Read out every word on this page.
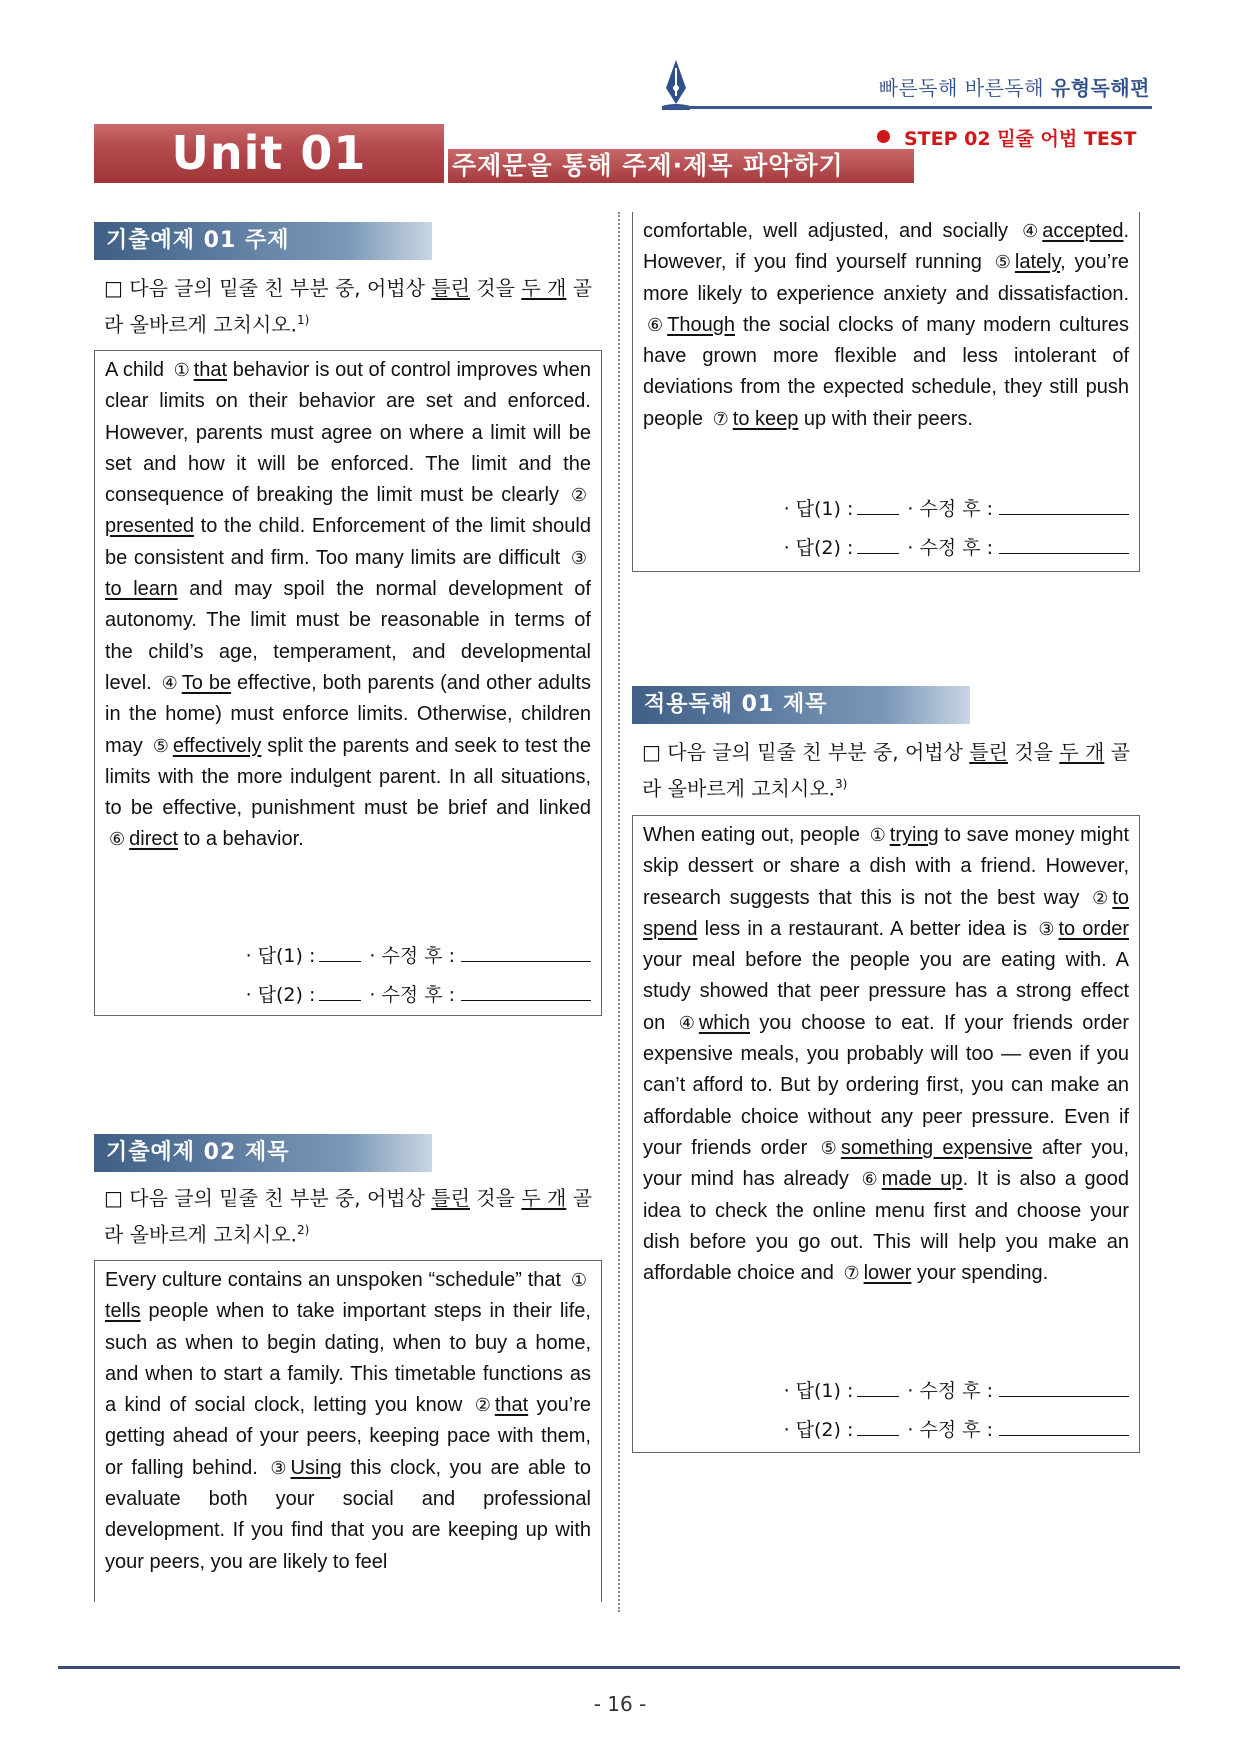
빠른독해 바른독해 유형독해편
Unit 01	주제문을 통해 주제·제목 파악하기
STEP 02 밑줄 어법 TEST
기출예제 01 주제
□ 다음 글의 밑줄 친 부분 중, 어법상 틀린 것을 두 개 골라 올바르게 고치시오.$^{1)}$
A child ① that behavior is out of control improves when clear limits on their behavior are set and enforced. However, parents must agree on where a limit will be set and how it will be enforced. The limit and the consequence of breaking the limit must be clearly ②presented to the child. Enforcement of the limit should be consistent and firm. Too many limits are difficult ③to learn and may spoil the normal development of autonomy. The limit must be reasonable in terms of the child’s age, temperament, and developmental level. ④ To be effective, both parents (and other adults in the home) must enforce limits. Otherwise, children may ⑤ effectively split the parents and seek to test the limits with the more indulgent parent. In all situations, to be effective, punishment must be brief and linked ⑥ direct to a behavior.
· 답(1) :	· 수정 후 :
· 답(2) :	· 수정 후 :
기출예제 02 제목
□ 다음 글의 밑줄 친 부분 중, 어법상 틀린 것을 두 개 골라 올바르게 고치시오.$^{2)}$
Every culture contains an unspoken “schedule” that ①tells people when to take important steps in their life, such as when to begin dating, when to buy a home, and when to start a family. This timetable functions as a kind of social clock, letting you know ② that you’re getting ahead of your peers, keeping pace with them, or falling behind. ③ Using this clock, you are able to evaluate both your social and professional development. If you find that you are keeping up with your peers, you are likely to feel
comfortable, well adjusted, and socially ④ accepted. However, if you find yourself running ⑤ lately, you’re more likely to experience anxiety and dissatisfaction. ⑥ Though the social clocks of many modern cultures have grown more flexible and less intolerant of deviations from the expected schedule, they still push people ⑦ to keep up with their peers.
· 답(1) :	· 수정 후 :
· 답(2) :	· 수정 후 :
적용독해 01 제목
□ 다음 글의 밑줄 친 부분 중, 어법상 틀린 것을 두 개 골라 올바르게 고치시오.$^{3)}$
When eating out, people ① trying to save money might skip dessert or share a dish with a friend. However, research suggests that this is not the best way ② to spend less in a restaurant. A better idea is ③ to order your meal before the people you are eating with. A study showed that peer pressure has a strong effect on ④ which you choose to eat. If your friends order expensive meals, you probably will too — even if you can’t afford to. But by ordering first, you can make an affordable choice without any peer pressure. Even if your friends order ⑤ something expensive after you, your mind has already ⑥ made up. It is also a good idea to check the online menu first and choose your dish before you go out. This will help you make an affordable choice and ⑦ lower your spending.
· 답(1) :	· 수정 후 :
· 답(2) :	· 수정 후 :
- 16 -
